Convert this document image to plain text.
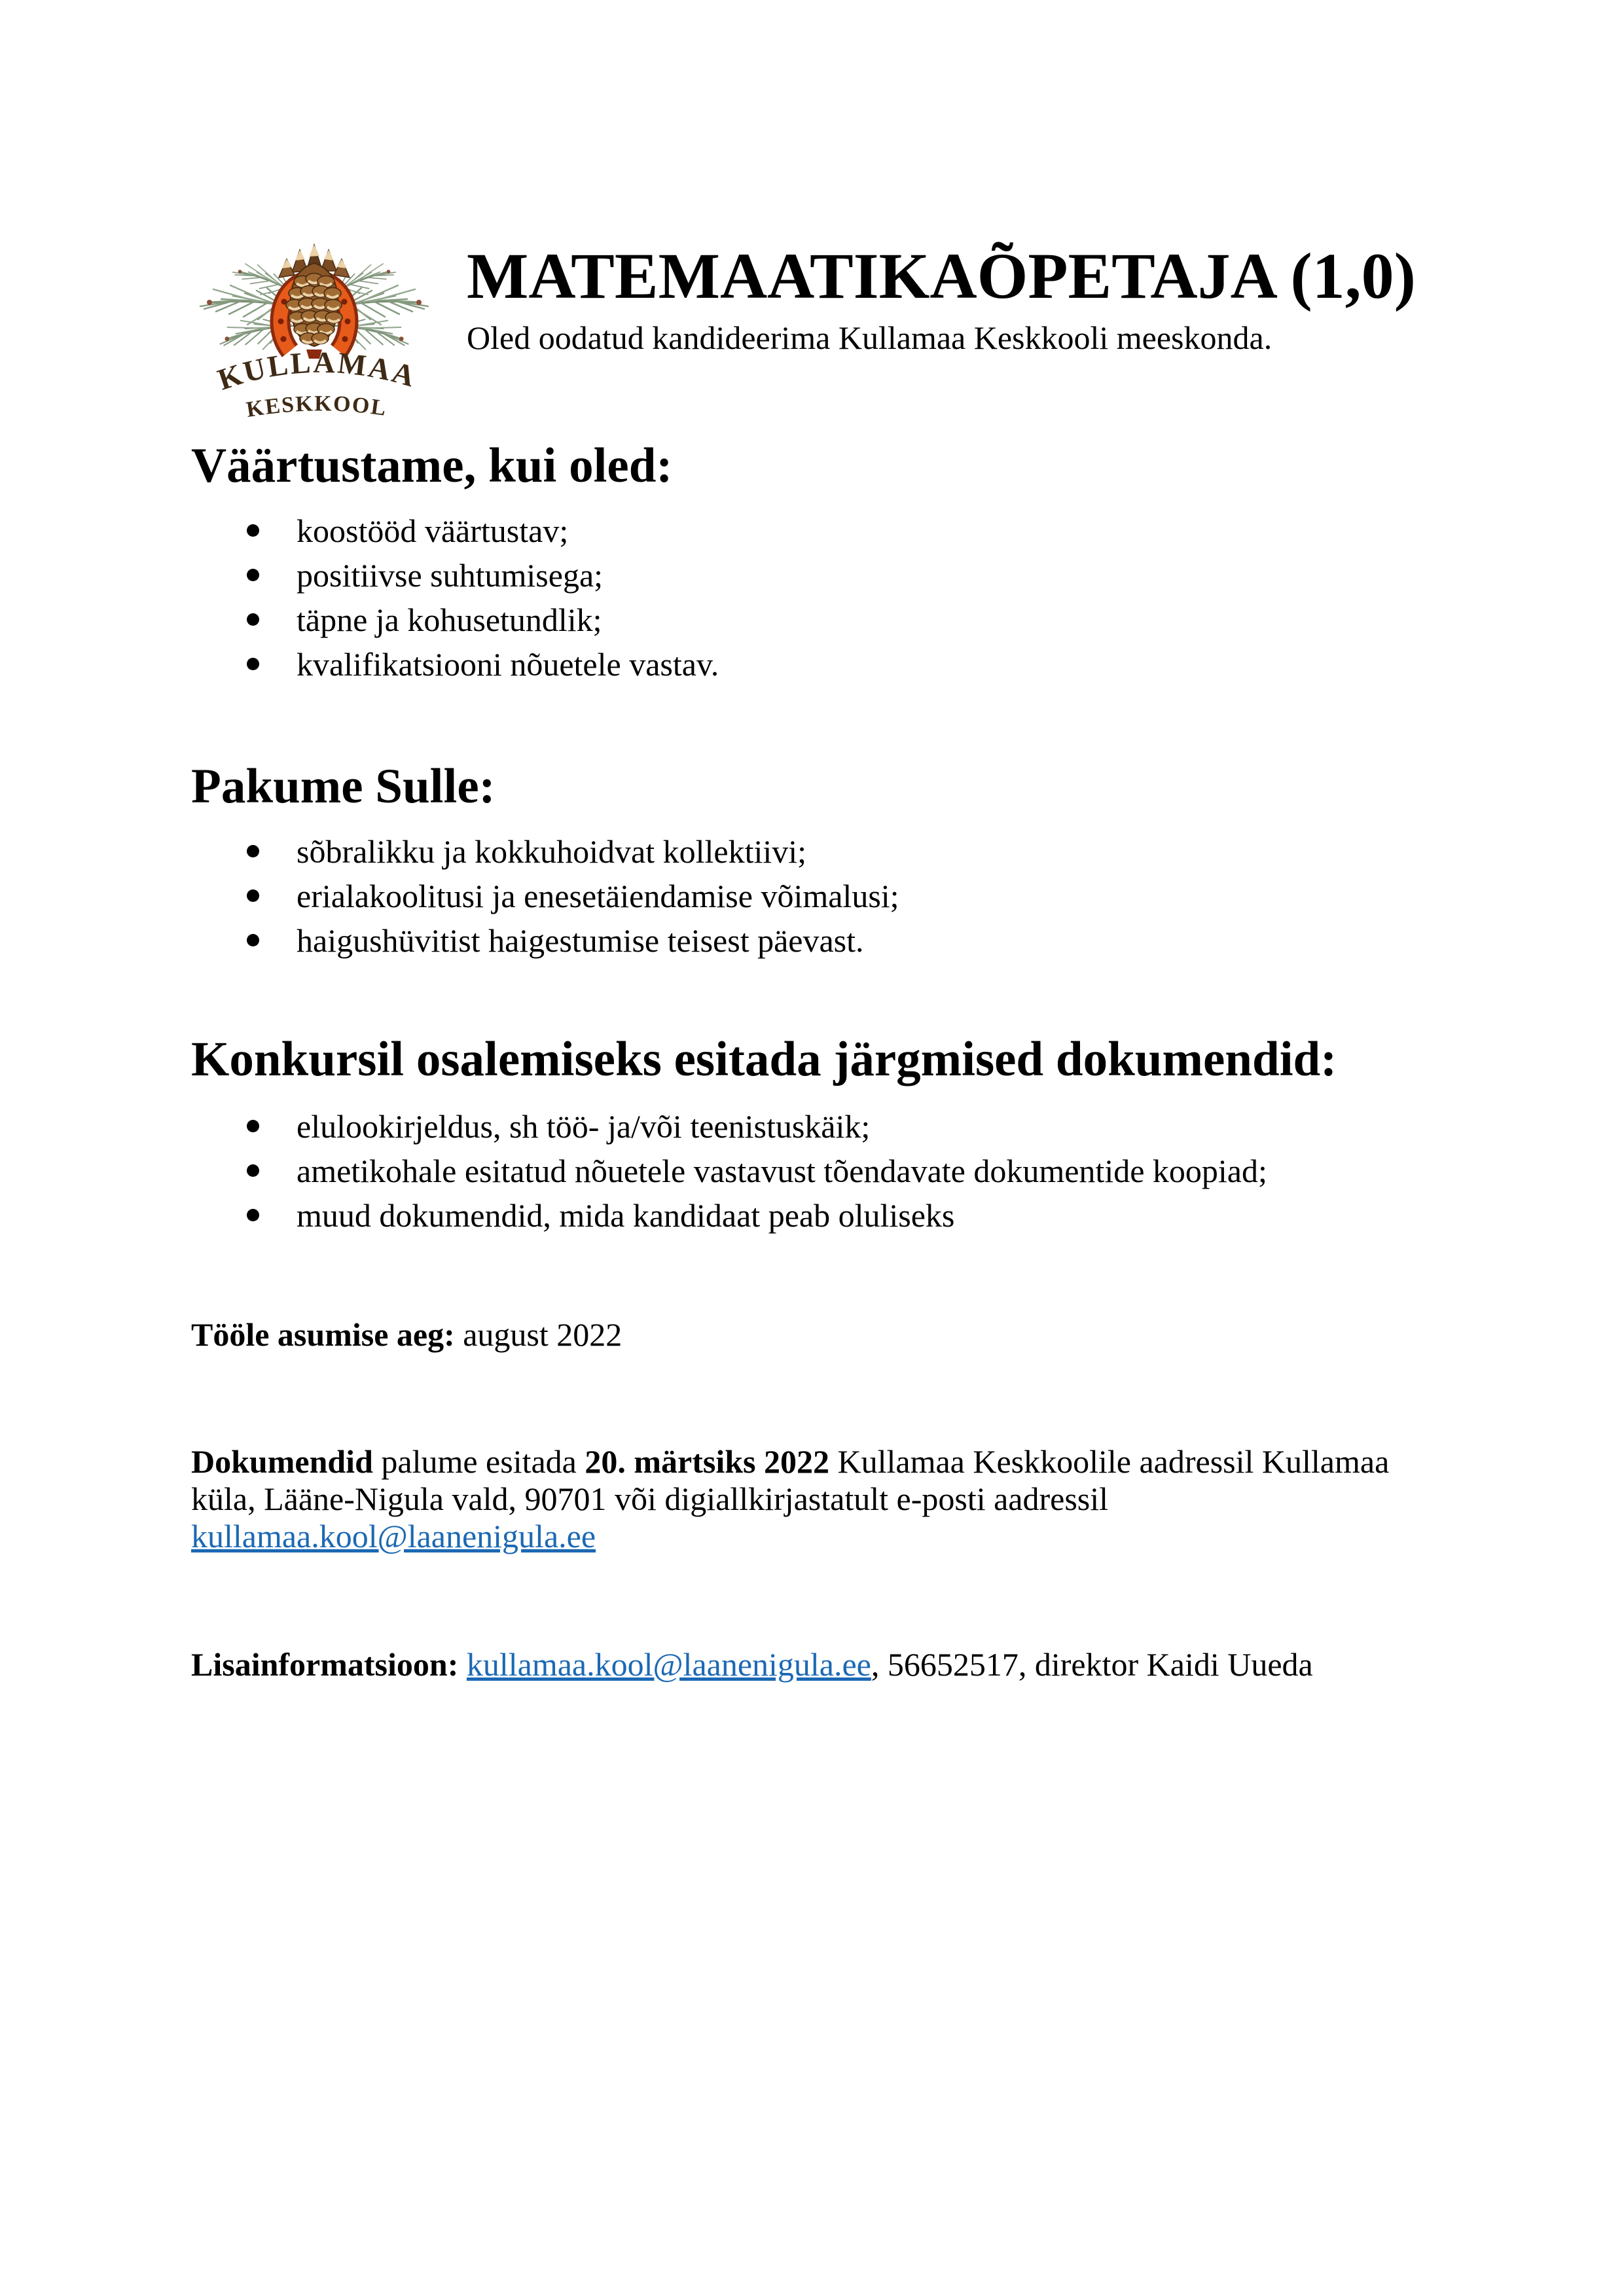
KULLAMAA
KESKKOOL
MATEMAATIKAÕPETAJA (1,0)

Oled oodatud kandideerima Kullamaa Keskkooli meeskonda.

Väärtustame, kui oled:
koostööd väärtustav;
positiivse suhtumisega;
täpne ja kohusetundlik;
kvalifikatsiooni nõuetele vastav.
Pakume Sulle:
sõbralikku ja kokkuhoidvat kollektiivi;
erialakoolitusi ja enesetäiendamise võimalusi;
haigushüvitist haigestumise teisest päevast.
Konkursil osalemiseks esitada järgmised dokumendid:
elulookirjeldus, sh töö- ja/või teenistuskäik;
ametikohale esitatud nõuetele vastavust tõendavate dokumentide koopiad;
muud dokumendid, mida kandidaat peab oluliseks

Tööle asumise aeg: august 2022

Dokumendid palume esitada 20. märtsiks 2022 Kullamaa Keskkoolile aadressil Kullamaa
küla, Lääne-Nigula vald, 90701 või digiallkirjastatult e-posti aadressil
kullamaa.kool@laanenigula.ee

Lisainformatsioon: kullamaa.kool@laanenigula.ee, 56652517, direktor Kaidi Uueda
